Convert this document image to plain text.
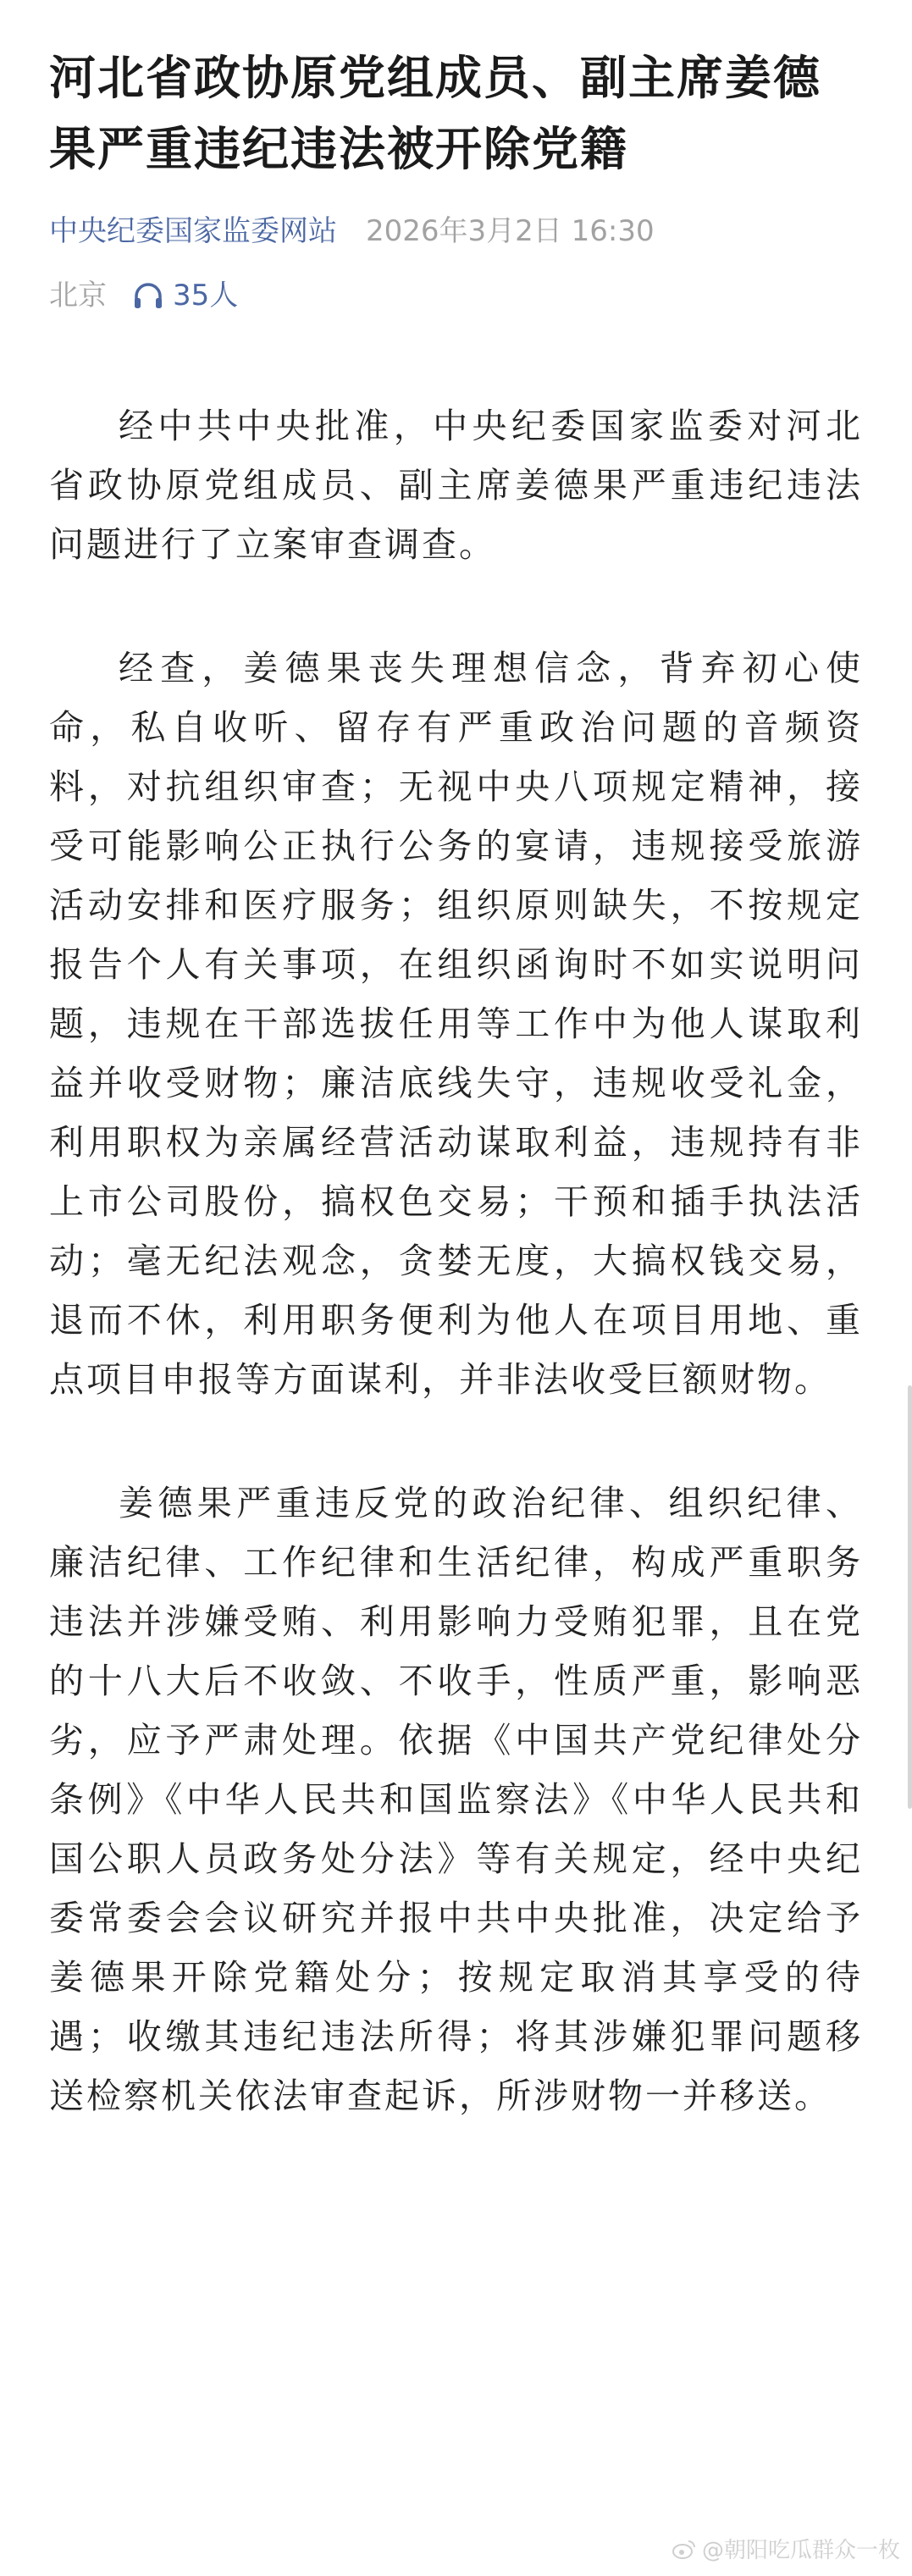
河北省政协原党组成员、副主席姜德果严重违纪违法被开除党籍
中央纪委国家监委网站 2026年3月2日 16:30
北京 35人

经中共中央批准，中央纪委国家监委对河北省政协原党组成员、副主席姜德果严重违纪违法问题进行了立案审查调查。

经查，姜德果丧失理想信念，背弃初心使命，私自收听、留存有严重政治问题的音频资料，对抗组织审查；无视中央八项规定精神，接受可能影响公正执行公务的宴请，违规接受旅游活动安排和医疗服务；组织原则缺失，不按规定报告个人有关事项，在组织函询时不如实说明问题，违规在干部选拔任用等工作中为他人谋取利益并收受财物；廉洁底线失守，违规收受礼金，利用职权为亲属经营活动谋取利益，违规持有非上市公司股份，搞权色交易；干预和插手执法活动；毫无纪法观念，贪婪无度，大搞权钱交易，退而不休，利用职务便利为他人在项目用地、重点项目申报等方面谋利，并非法收受巨额财物。

姜德果严重违反党的政治纪律、组织纪律、廉洁纪律、工作纪律和生活纪律，构成严重职务违法并涉嫌受贿、利用影响力受贿犯罪，且在党的十八大后不收敛、不收手，性质严重，影响恶劣，应予严肃处理。依据《中国共产党纪律处分条例》《中华人民共和国监察法》《中华人民共和国公职人员政务处分法》等有关规定，经中央纪委常委会会议研究并报中共中央批准，决定给予姜德果开除党籍处分；按规定取消其享受的待遇；收缴其违纪违法所得；将其涉嫌犯罪问题移送检察机关依法审查起诉，所涉财物一并移送。

@朝阳吃瓜群众一枚
